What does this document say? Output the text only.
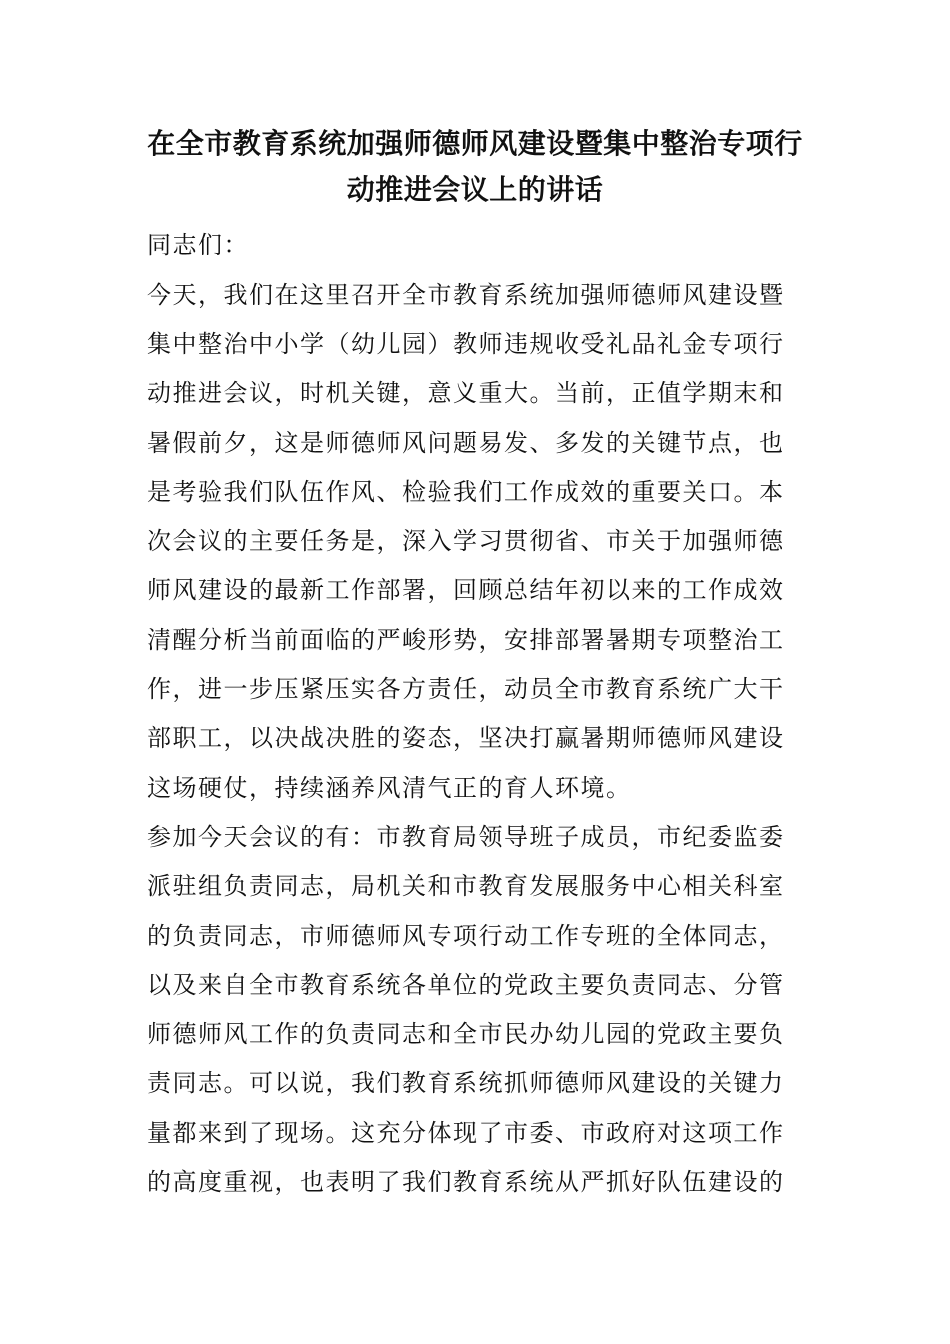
在全市教育系统加强师德师风建设暨集中整治专项行
动推进会议上的讲话
同志们：
今天，我们在这里召开全市教育系统加强师德师风建设暨
集中整治中小学（幼儿园）教师违规收受礼品礼金专项行
动推进会议，时机关键，意义重大。当前，正值学期末和
暑假前夕，这是师德师风问题易发、多发的关键节点，也
是考验我们队伍作风、检验我们工作成效的重要关口。本
次会议的主要任务是，深入学习贯彻省、市关于加强师德
师风建设的最新工作部署，回顾总结年初以来的工作成效
清醒分析当前面临的严峻形势，安排部署暑期专项整治工
作，进一步压紧压实各方责任，动员全市教育系统广大干
部职工，以决战决胜的姿态，坚决打赢暑期师德师风建设
这场硬仗，持续涵养风清气正的育人环境。
参加今天会议的有：市教育局领导班子成员，市纪委监委
派驻组负责同志，局机关和市教育发展服务中心相关科室
的负责同志，市师德师风专项行动工作专班的全体同志，
以及来自全市教育系统各单位的党政主要负责同志、分管
师德师风工作的负责同志和全市民办幼儿园的党政主要负
责同志。可以说，我们教育系统抓师德师风建设的关键力
量都来到了现场。这充分体现了市委、市政府对这项工作
的高度重视，也表明了我们教育系统从严抓好队伍建设的
